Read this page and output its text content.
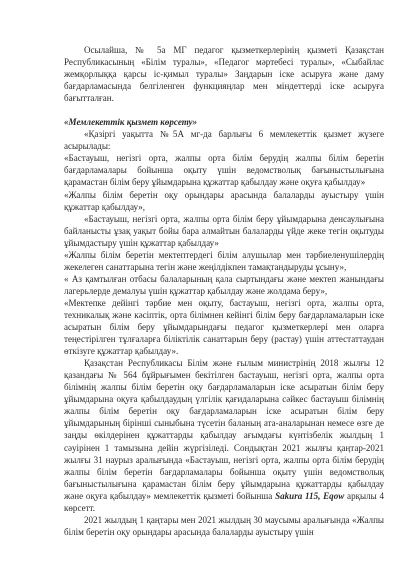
Осылайша, № 5а МГ педагог қызметкерлерінің қызметі Қазақстан Республикасының «Білім туралы», «Педагог мәртебесі туралы», «Сыбайлас жемқорлыққа қарсы іс-қимыл туралы» Заңдарын іске асыруға және даму бағдарламасында белгіленген функцияңлар мен міндеттерді іске асыруға бағытталған.

«Мемлекеттік қызмет көрсету»

«Қазіргі уақытта №5А мг-да барлығы 6 мемлекеттік қызмет жүзеге асырылады:

«Бастауыш, негізгі орта, жалпы орта білім берудің жалпы білім беретін бағдарламалары бойынша оқыту үшін ведомстволық бағыныстылығына қарамастан білім беру ұйымдарына құжаттар қабылдау және оқуға қабылдау»

«Жалпы білім беретін оқу орындары арасында балаларды ауыстыру үшін құжаттар қабылдау»,

«Бастауыш, негізгі орта, жалпы орта білім беру ұйымдарына денсаулығына байланысты ұзақ уақыт бойы бара алмайтын балаларды үйде жеке тегін оқытуды ұйымдастыру үшін құжаттар қабылдау»

«Жалпы білім беретін мектептердегі білім алушылар мен тәрбиеленушілердің жекелеген санаттарына тегін және жеңілдікпен тамақтандыруды ұсыну»,

« Аз қамтылған отбасы балаларының қала сыртындағы және мектеп жанындағы лагерьлерде демалуы үшін құжаттар қабылдау және жолдама беру»,

«Мектепке дейінгі тәрбие мен оқыту, бастауыш, негізгі орта, жалпы орта, техникалық және кәсіптік, орта білімнен кейінгі білім беру бағдарламаларын іске асыратын білім беру ұйымдарындағы педагог қызметкерлері мен оларға теңестірілген тұлғаларға біліктілік санаттарын беру (растау) үшін аттестаттаудан өткізуге құжаттар қабылдау».

Қазақстан Республикасы Білім және ғылым министрінің 2018 жылғы 12 қазандағы № 564 бұйрығымен бекітілген бастауыш, негізгі орта, жалпы орта білімнің жалпы білім беретін оқу бағдарламаларын іске асыратын білім беру ұйымдарына оқуға қабылдаудың үлгілік қағидаларына сәйкес бастауыш білімнің жалпы білім беретін оқу бағдарламаларын іске асыратын білім беру ұйымдарының бірінші сыныбына түсетін баланың ата-аналарынан немесе өзге де заңды өкілдерінен құжаттарды қабылдау ағымдағы күнтізбелік жылдың 1 сәуірінен 1 тамызына дейін жүргізіледі. Сондықтан 2021 жылғы қаңтар-2021 жылғы 31 наурыз аралығында «Бастауыш, негізгі орта, жалпы орта білім берудің жалпы білім беретін бағдарламалары бойынша оқыту үшін ведомстволық бағыныстылығына қарамастан білім беру ұйымдарына құжаттарды қабылдау және оқуға қабылдау» мемлекеттік қызметі бойынша Sakura 115, Eqow арқылы 4 көрсетт.

2021 жылдың 1 қаңтары мен 2021 жылдың 30 маусымы аралығында «Жалпы білім беретін оқу орындары арасында балаларды ауыстыру үшін
